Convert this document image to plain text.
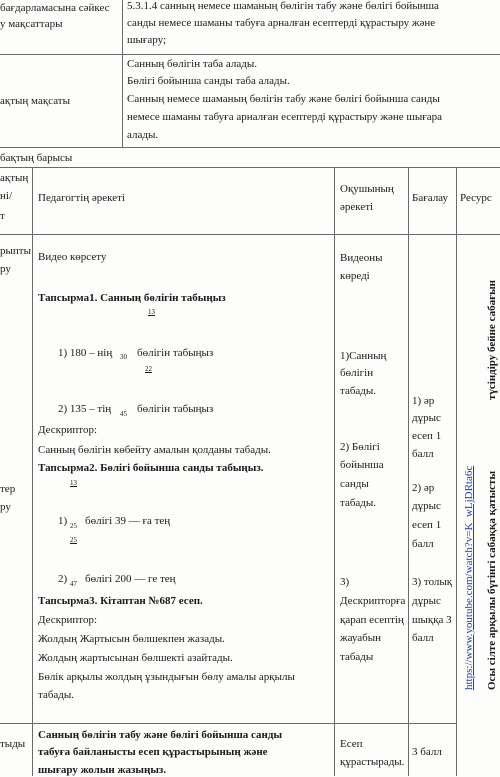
бағдарламасына сәйкес
у мақсаттары
5.3.1.4 санның немесе шаманың бөлігін табу және бөлігі бойынша
санды немесе шаманы табуға арналған есептерді құрастыру және
шығару;
ақтың мақсаты
Санның бөлігін таба алады.
Бөлігі бойынша санды таба алады.
Санның немесе шаманың бөлігін табу және бөлігі бойынша санды
немесе шаманы табуға арналған есептерді құрастыру және шығара
алады.
бақтың барысы
ақтың
ні/
т
Педагогтің әрекеті
Оқушының
әрекеті
Бағалау Ресурс
рыпты
ру
тер
ру
тыды
Видео көрсету
Тапсырма1. Санның бөлігін табыңыз
13
1) 180 – нің 30 бөлігін табыңыз
22
2) 135 – тің 45 бөлігін табыңыз
Дескриптор:
Санның бөлігін көбейту амалын қолданы табады.
Тапсырма2. Бөлігі бойынша санды табыңыз.
13
1) 25 бөлігі 39 — ға тең
25
2) 47 бөлігі 200 — ге тең
Тапсырма3. Кітаптан №687 есеп.
Дескриптор:
Жолдың Жартысын бөлшекпен жазады.
Жолдың жартысынан бөлшекті азайтады.
Бөлік арқылы жолдың ұзындығын бөлу амалы арқылы
табады.
Санның бөлігін табу және бөлігі бойынша санды
табуға байланысты есеп құрастырының және
шығару жолын жазыңыз.
Видеоны
көреді
1)Санның
бөлігін
табады.
2) Бөлігі
бойынша
санды
табады.
3)
Дескрипторға
қарап есептің
жауабын
табады
Есеп
құрастырады.
1) әр
дұрыс
есеп 1
балл
2) әр
дұрыс
есеп 1
балл
3) толық
дұрыс
шыққа 3
балл
3 балл
түсіндіру бейне сабағын
Осы сілте арқылы бүгінгі сабаққа қатысты
https://www.youtube.com/watch?v=K_wLjDRta6c
